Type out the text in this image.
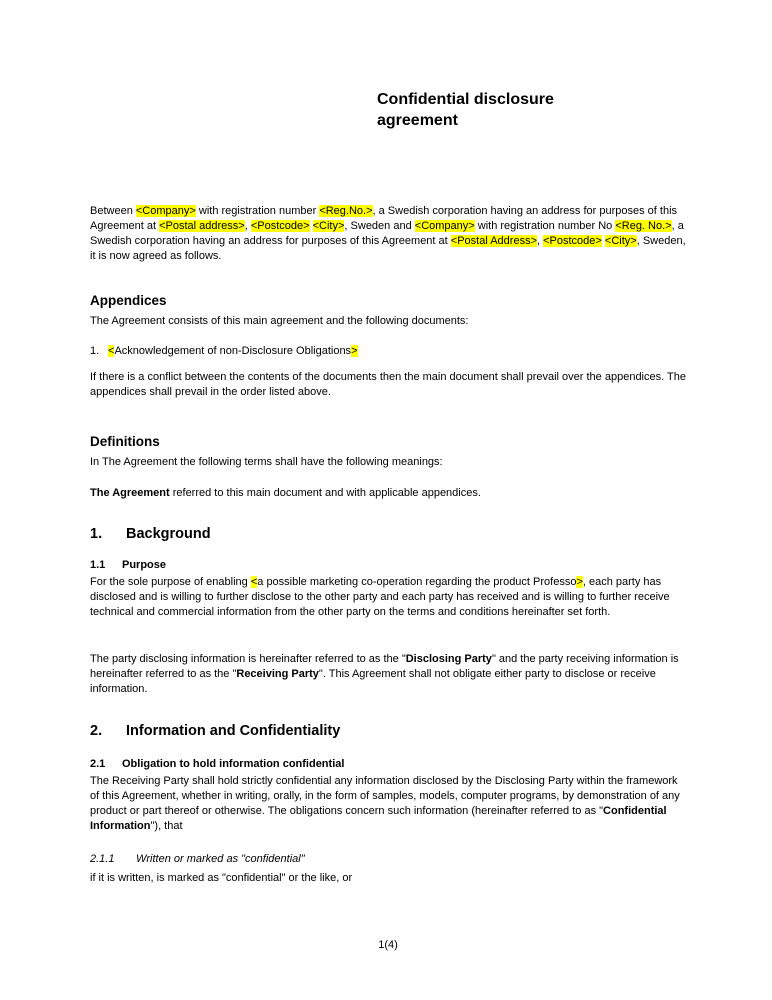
Confidential disclosure agreement

Between <Company> with registration number <Reg.No.>, a Swedish corporation having an address for purposes of this Agreement at <Postal address>, <Postcode> <City>, Sweden and <Company> with registration number No <Reg. No.>, a Swedish corporation having an address for purposes of this Agreement at <Postal Address>, <Postcode> <City>, Sweden, it is now agreed as follows.

Appendices

The Agreement consists of this main agreement and the following documents:

1. <Acknowledgement of non-Disclosure Obligations>

If there is a conflict between the contents of the documents then the main document shall prevail over the appendices. The appendices shall prevail in the order listed above.

Definitions

In The Agreement the following terms shall have the following meanings:

The Agreement referred to this main document and with applicable appendices.

1. Background
1.1 Purpose

For the sole purpose of enabling <a possible marketing co-operation regarding the product Professo>, each party has disclosed and is willing to further disclose to the other party and each party has received and is willing to further receive technical and commercial information from the other party on the terms and conditions hereinafter set forth.

The party disclosing information is hereinafter referred to as the "Disclosing Party" and the party receiving information is hereinafter referred to as the "Receiving Party". This Agreement shall not obligate either party to disclose or receive information.

2. Information and Confidentiality
2.1 Obligation to hold information confidential

The Receiving Party shall hold strictly confidential any information disclosed by the Disclosing Party within the framework of this Agreement, whether in writing, orally, in the form of samples, models, computer programs, by demonstration of any product or part thereof or otherwise. The obligations concern such information (hereinafter referred to as "Confidential Information"), that

2.1.1 Written or marked as "confidential"

if it is written, is marked as "confidential" or the like, or

1(4)
